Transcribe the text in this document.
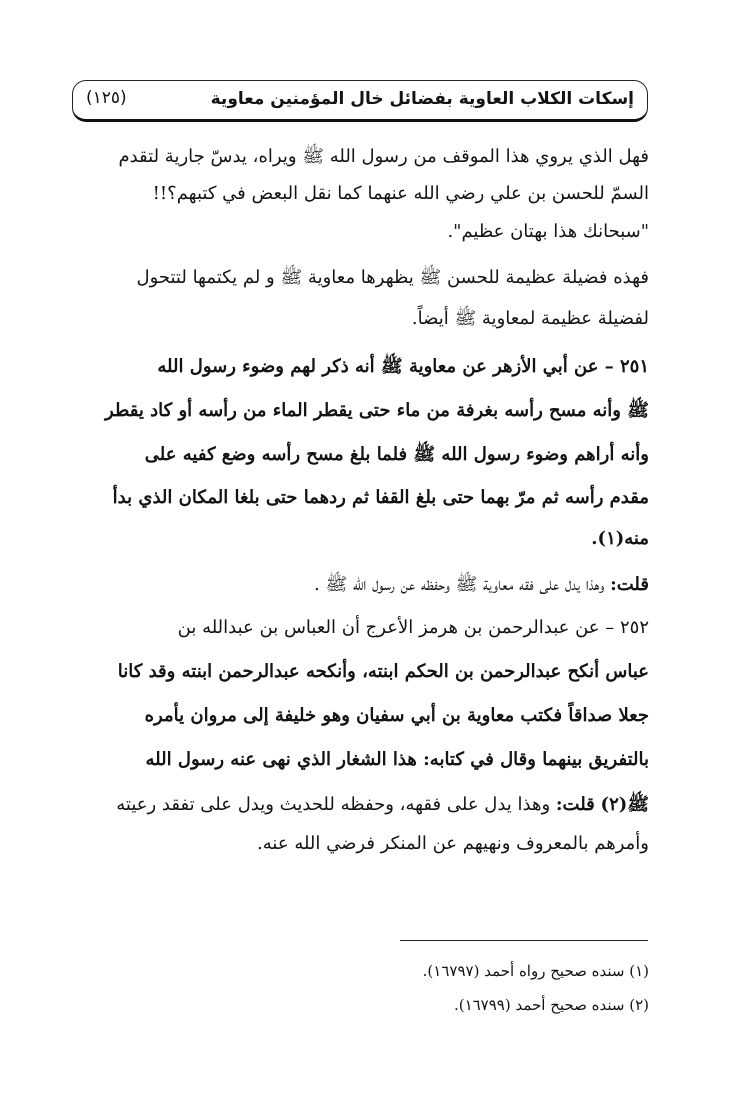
إسكات الكلاب العاوية بفضائل خال المؤمنين معاوية
(١٢٥)
فهل الذي يروي هذا الموقف من رسول الله ﷺ ويراه، يدسّ جارية لتقدم
السمّ للحسن بن علي رضي الله عنهما كما نقل البعض في كتبهم؟!!
"سبحانك هذا بهتان عظيم".
فهذه فضيلة عظيمة للحسن ﷺ يظهرها معاوية ﷺ و لم يكتمها لتتحول
لفضيلة عظيمة لمعاوية ﷺ أيضاً.
٢٥١ – عن أبي الأزهر عن معاوية ﷺ أنه ذكر لهم وضوء رسول الله
ﷺ وأنه مسح رأسه بغرفة من ماء حتى يقطر الماء من رأسه أو كاد يقطر
وأنه أراهم وضوء رسول الله ﷺ فلما بلغ مسح رأسه وضع كفيه على
مقدم رأسه ثم مرّ بهما حتى بلغ القفا ثم ردهما حتى بلغا المكان الذي بدأ
منه(١).
قلت: وهذا يدل على فقه معاوية ﷺ وحفظه عن رسول الله ﷺ .
٢٥٢ – عن عبدالرحمن بن هرمز الأعرج أن العباس بن عبدالله بن
عباس أنكح عبدالرحمن بن الحكم ابنته، وأنكحه عبدالرحمن ابنته وقد كانا
جعلا صداقاً فكتب معاوية بن أبي سفيان وهو خليفة إلى مروان يأمره
بالتفريق بينهما وقال في كتابه: هذا الشغار الذي نهى عنه رسول الله
ﷺ(٢) قلت: وهذا يدل على فقهه، وحفظه للحديث ويدل على تفقد رعيته
وأمرهم بالمعروف ونهيهم عن المنكر فرضي الله عنه.
(١) سنده صحيح رواه أحمد (١٦٧٩٧).
(٢) سنده صحيح أحمد (١٦٧٩٩).
